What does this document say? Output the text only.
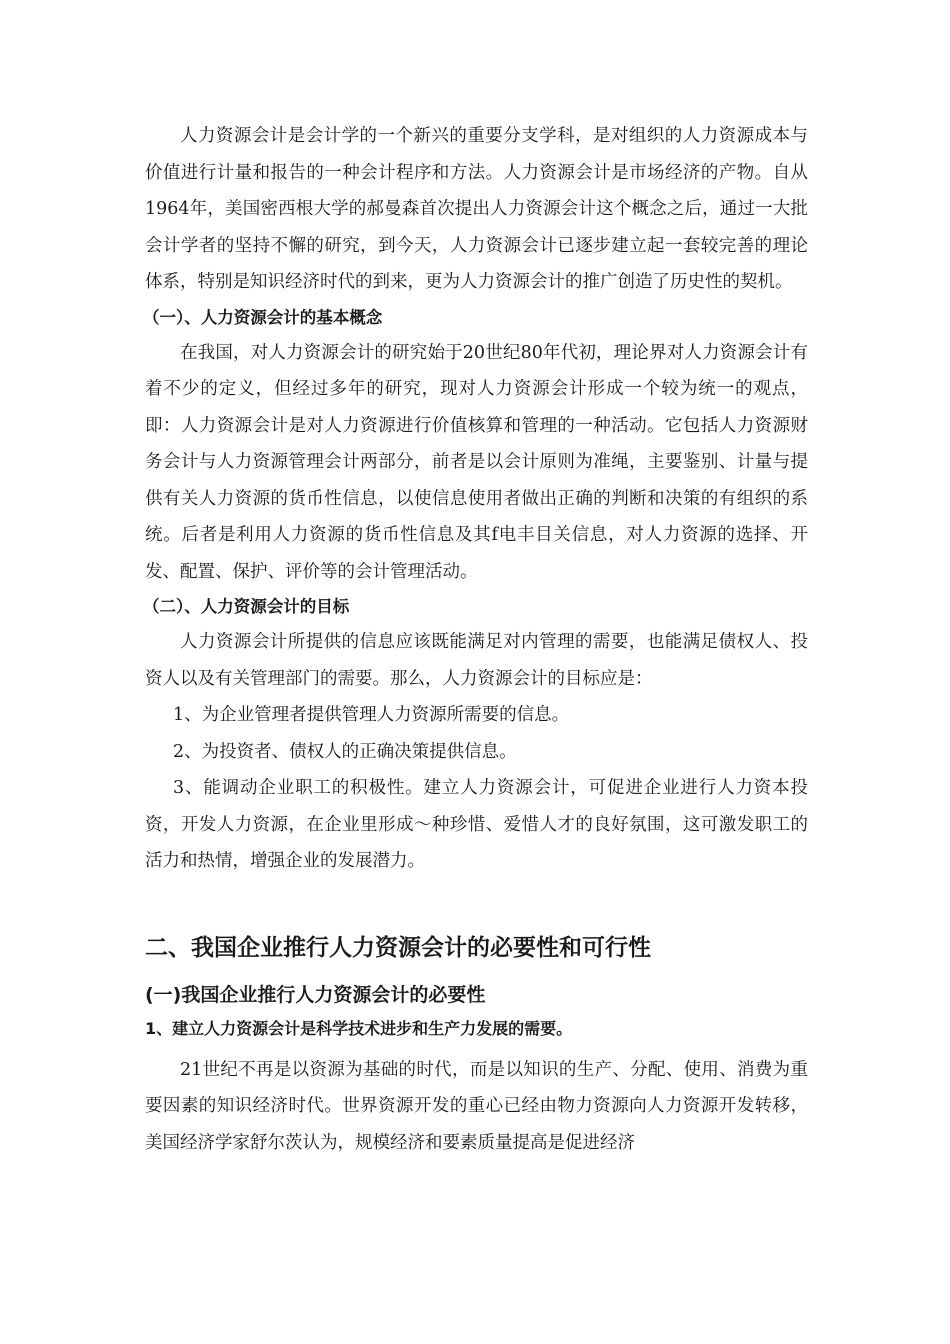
人力资源会计是会计学的一个新兴的重要分支学科，是对组织的人力资源成本与价值进行计量和报告的一种会计程序和方法。人力资源会计是市场经济的产物。自从1964年，美国密西根大学的郝曼森首次提出人力资源会计这个概念之后，通过一大批会计学者的坚持不懈的研究，到今天，人力资源会计已逐步建立起一套较完善的理论体系，特别是知识经济时代的到来，更为人力资源会计的推广创造了历史性的契机。

（一）、人力资源会计的基本概念

在我国，对人力资源会计的研究始于20世纪80年代初，理论界对人力资源会计有着不少的定义，但经过多年的研究，现对人力资源会计形成一个较为统一的观点，即：人力资源会计是对人力资源进行价值核算和管理的一种活动。它包括人力资源财务会计与人力资源管理会计两部分，前者是以会计原则为准绳，主要鉴别、计量与提供有关人力资源的货币性信息，以使信息使用者做出正确的判断和决策的有组织的系统。后者是利用人力资源的货币性信息及其f电丰目关信息，对人力资源的选择、开发、配置、保护、评价等的会计管理活动。

（二）、人力资源会计的目标

人力资源会计所提供的信息应该既能满足对内管理的需要，也能满足债权人、投资人以及有关管理部门的需要。那么，人力资源会计的目标应是：

1、为企业管理者提供管理人力资源所需要的信息。

2、为投资者、债权人的正确决策提供信息。

3、能调动企业职工的积极性。建立人力资源会计，可促进企业进行人力资本投资，开发人力资源，在企业里形成～种珍惜、爱惜人才的良好氛围，这可激发职工的活力和热情，增强企业的发展潜力。

二、我国企业推行人力资源会计的必要性和可行性

(一)我国企业推行人力资源会计的必要性

1、建立人力资源会计是科学技术进步和生产力发展的需要。

21世纪不再是以资源为基础的时代，而是以知识的生产、分配、使用、消费为重要因素的知识经济时代。世界资源开发的重心已经由物力资源向人力资源开发转移，美国经济学家舒尔茨认为，规模经济和要素质量提高是促进经济
